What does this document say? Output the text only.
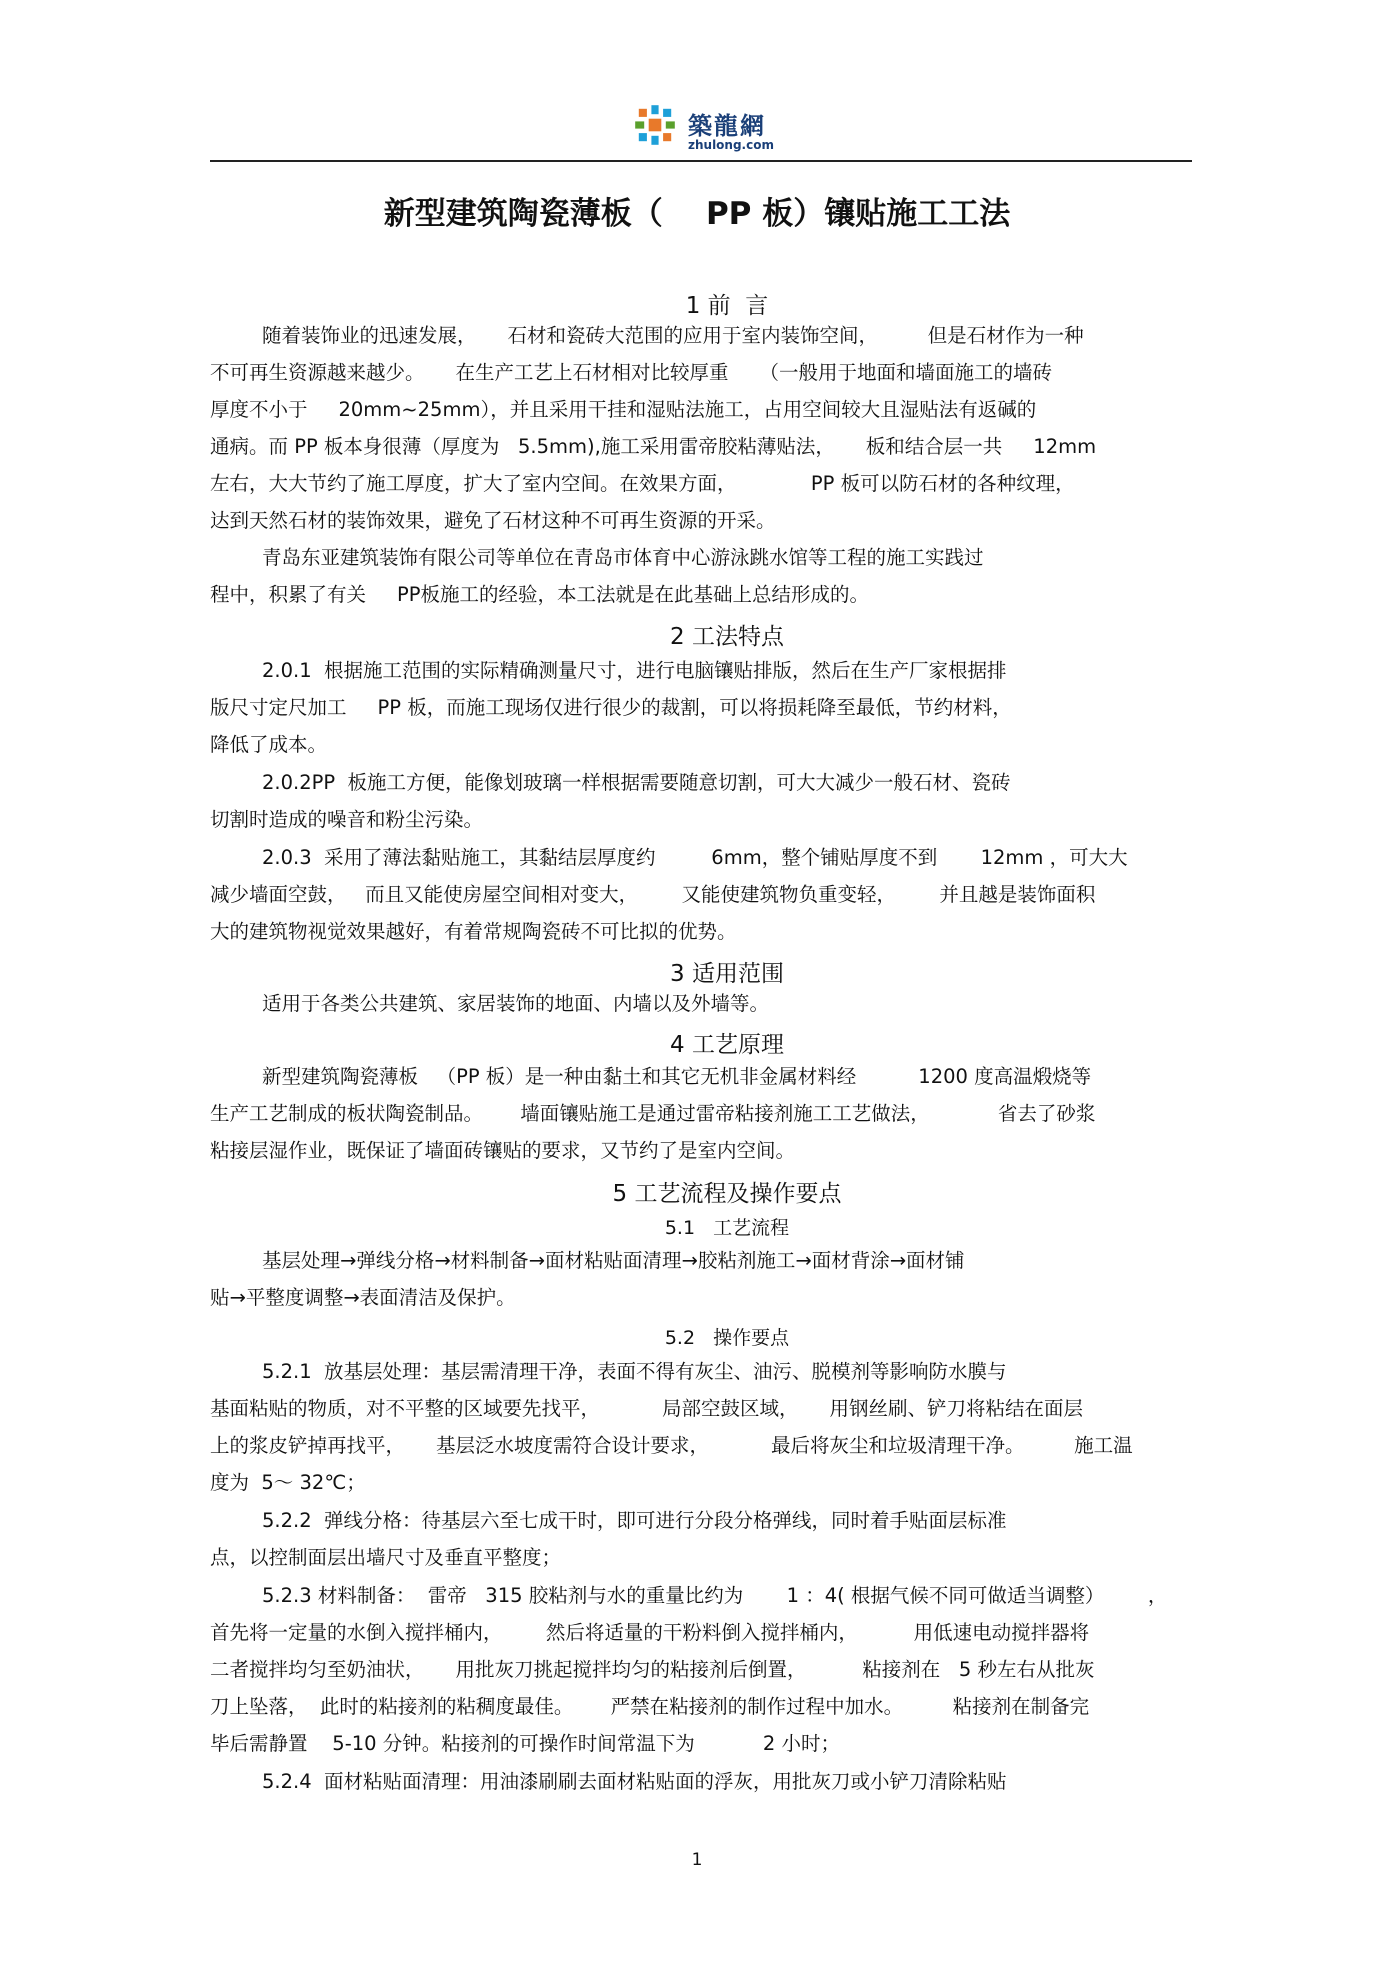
築龍網
zhulong.com
新型建筑陶瓷薄板（    PP 板）镶贴施工工法
1 前  言
随着装饰业的迅速发展，     石材和瓷砖大范围的应用于室内装饰空间，        但是石材作为一种
不可再生资源越来越少。     在生产工艺上石材相对比较厚重     （一般用于地面和墙面施工的墙砖
厚度不小于     20mm~25mm），并且采用干挂和湿贴法施工，占用空间较大且湿贴法有返碱的
通病。而 PP 板本身很薄（厚度为   5.5mm),施工采用雷帝胶粘薄贴法，     板和结合层一共     12mm
左右，大大节约了施工厚度，扩大了室内空间。在效果方面，            PP 板可以防石材的各种纹理，
达到天然石材的装饰效果，避免了石材这种不可再生资源的开采。
青岛东亚建筑装饰有限公司等单位在青岛市体育中心游泳跳水馆等工程的施工实践过
程中，积累了有关     PP板施工的经验，本工法就是在此基础上总结形成的。
2 工法特点
2.0.1  根据施工范围的实际精确测量尺寸，进行电脑镶贴排版，然后在生产厂家根据排
版尺寸定尺加工     PP 板，而施工现场仅进行很少的裁割，可以将损耗降至最低，节约材料，
降低了成本。
2.0.2PP  板施工方便，能像划玻璃一样根据需要随意切割，可大大减少一般石材、瓷砖
切割时造成的噪音和粉尘污染。
2.0.3  采用了薄法黏贴施工，其黏结层厚度约         6mm，整个铺贴厚度不到       12mm ，可大大
减少墙面空鼓，   而且又能使房屋空间相对变大，       又能使建筑物负重变轻，       并且越是装饰面积
大的建筑物视觉效果越好，有着常规陶瓷砖不可比拟的优势。
3 适用范围
适用于各类公共建筑、家居装饰的地面、内墙以及外墙等。
4 工艺原理
新型建筑陶瓷薄板   （PP 板）是一种由黏土和其它无机非金属材料经          1200 度高温煅烧等
生产工艺制成的板状陶瓷制品。      墙面镶贴施工是通过雷帝粘接剂施工工艺做法，           省去了砂浆
粘接层湿作业，既保证了墙面砖镶贴的要求，又节约了是室内空间。
5 工艺流程及操作要点
5.1   工艺流程
基层处理→弹线分格→材料制备→面材粘贴面清理→胶粘剂施工→面材背涂→面材铺
贴→平整度调整→表面清洁及保护。
5.2   操作要点
5.2.1  放基层处理：基层需清理干净，表面不得有灰尘、油污、脱模剂等影响防水膜与
基面粘贴的物质，对不平整的区域要先找平，          局部空鼓区域，     用钢丝刷、铲刀将粘结在面层
上的浆皮铲掉再找平，     基层泛水坡度需符合设计要求，          最后将灰尘和垃圾清理干净。        施工温
度为  5～ 32℃；
5.2.2  弹线分格：待基层六至七成干时，即可进行分段分格弹线，同时着手贴面层标准
点，以控制面层出墙尺寸及垂直平整度；
5.2.3 材料制备：  雷帝   315 胶粘剂与水的重量比约为       1 ：4( 根据气候不同可做适当调整）       ，
首先将一定量的水倒入搅拌桶内，       然后将适量的干粉料倒入搅拌桶内，         用低速电动搅拌器将
二者搅拌均匀至奶油状，     用批灰刀挑起搅拌均匀的粘接剂后倒置，         粘接剂在   5 秒左右从批灰
刀上坠落，  此时的粘接剂的粘稠度最佳。      严禁在粘接剂的制作过程中加水。        粘接剂在制备完
毕后需静置    5-10 分钟。粘接剂的可操作时间常温下为           2 小时；
5.2.4  面材粘贴面清理：用油漆刷刷去面材粘贴面的浮灰，用批灰刀或小铲刀清除粘贴
1
